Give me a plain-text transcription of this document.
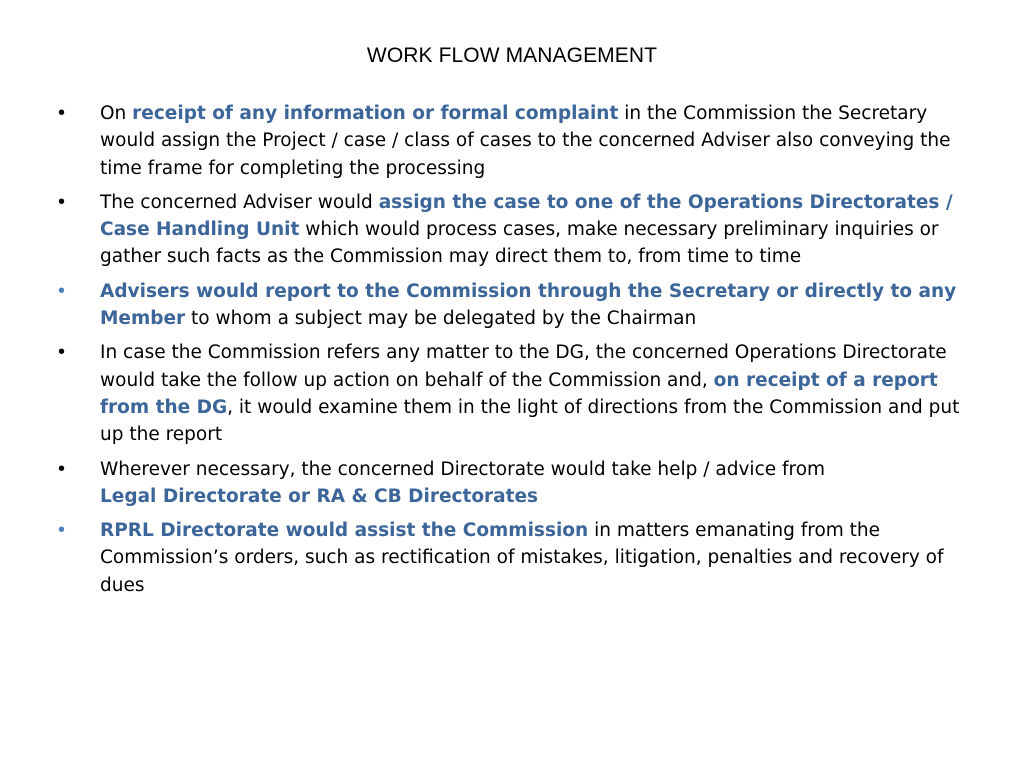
WORK FLOW MANAGEMENT
•	On receipt of any information or formal complaint in the Commission the Secretary would assign the Project / case / class of cases to the concerned Adviser also conveying the time frame for completing the processing
•	The concerned Adviser would assign the case to one of the Operations Directorates / Case Handling Unit which would process cases, make necessary preliminary inquiries or gather such facts as the Commission may direct them to, from time to time
•	Advisers would report to the Commission through the Secretary or directly to any Member to whom a subject may be delegated by the Chairman
•	In case the Commission refers any matter to the DG, the concerned Operations Directorate would take the follow up action on behalf of the Commission and, on receipt of a report from the DG, it would examine them in the light of directions from the Commission and put up the report
•	Wherever necessary, the concerned Directorate would take help / advice from
Legal Directorate or RA & CB Directorates
•	RPRL Directorate would assist the Commission in matters emanating from the Commission’s orders, such as rectification of mistakes, litigation, penalties and recovery of dues
